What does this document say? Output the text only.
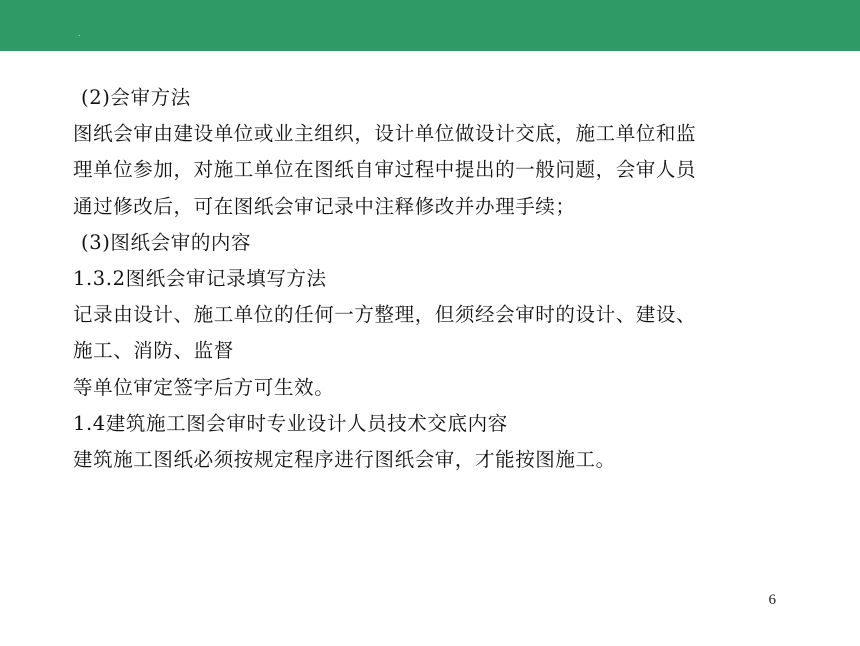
.
(2)会审方法
图纸会审由建设单位或业主组织，设计单位做设计交底，施工单位和监
理单位参加，对施工单位在图纸自审过程中提出的一般问题，会审人员
通过修改后，可在图纸会审记录中注释修改并办理手续；
(3)图纸会审的内容
1.3.2图纸会审记录填写方法
记录由设计、施工单位的任何一方整理，但须经会审时的设计、建设、
施工、消防、监督
等单位审定签字后方可生效。
1.4建筑施工图会审时专业设计人员技术交底内容
建筑施工图纸必须按规定程序进行图纸会审，才能按图施工。
6
